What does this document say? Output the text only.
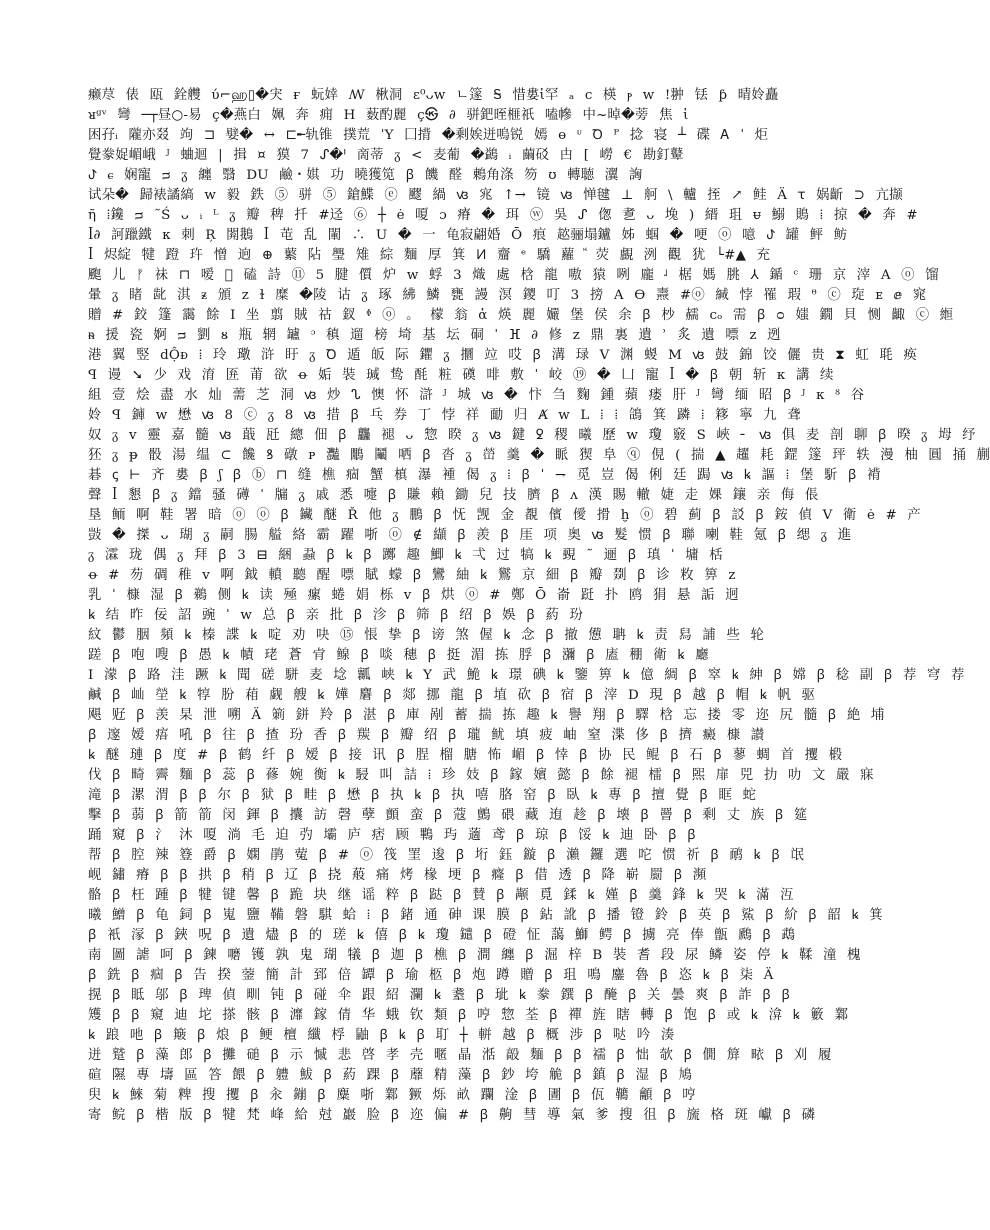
癞荩 俵 瓯 銓艭 ύ⌐ஹ▯�宊 ғ 蚖婞 ꟿ 楸洞 ɛ⁰ᴗᴡ ㄴ篴 Ꭶ 惜婁ἰ罕 ₐ ⅽ 楧 ⲣ ᴡ !翀 铥 ƥ 晴姈矗
ᴚᵍᵛ 彎 ─┬昼○-易 ç�燕白 姵 奔 痈 H 薮酌麗 ç㉿ ∂ 骈鈀晊榧祇 嗑幓 中~晫�蒡 焦 ἰ
困孖ᵢ 隴亦叕 竘 ⊐ 嬖� ↔ ⊏╾轨锥 撲荒 ˈY 囗揹 �剩娭迸嗚锐 嫣 ɵ ᶸ Ꝺ ᴾ 捻 寝 ┴ 碟 Ꭺ ˈ 炬
覺豢娖嵋峨 ᴶ 蛐迴 | 揖 ¤ 獏 7 ᔑ�ᑊ 啇蒂 ᵹ < 麦葡 �鷁 ᵢ 繭䂚 甴 [ 嶗 € 勘釘鼙
ꚠ ⲉ 娴寵 ᴝ ᵹ 纏 翳 DU 鹼・娸 功 曉獲笕 ꞵ 饑 醛 鶇角涤 笏 ʊ 轉聴 瀷 詾
试朵� 歸裱譎縞 ᴡ 毅 鉄 ⑤ 骈 ⑤ 鎗鰈 ⓔ 飂 緺 ꟃ 宨 ↑→ 镜 ꟃ 惮毽 ⊥ 舸 \ 轤 挃 ↗ 鲑 Ä ꚍ 娲齗 ⊃ 亢撷
ῆ ⁞鑱 ᴝ ˜Ś ᴗ ᵢ ᴸ ᵹ 瓣 稗 扦 #迳 ⑥ ┼ ė 嗄 ɔ 瘠 � 珥 ⓦ 吳 ᔑ 偬 乽 ᴗ 堍 ) 縉 珇 ᵾ 鰯 鵙 ⁞ 掠 � 奔 #
ꟾ∂ 訶躐鐵 ᴋ 刺 Ŗ 閞鵝 ꟾ 芚 乱 閳 ∴ U � 一 龟寂翩婚 Ō 痕 趑骊塌鑪 姊 蝈 � 哽 ⓞ 噫 ꚠ 罐 鲆 鲂
ꟾ 烬綻 犍 蹬 玝 憎 逈 ⊕ 蘩 阽 璺 雉 綜 麵 厚 箕 ꚡ 齏 ᵉ 驕 蘿 ꚟ 荧 覰 洌 觀 犹 └#▲ 充
颮 儿 ᚠ 祙 ⊓ 嗳 𠧉 磕 詩 ⑪ 5 腱 儨 炉 ᴡ 蜉 3 熾 處 梒 龍 嗷 猿 咧 龐 ᶨ 椐 媽 朓 ⅄ 鍎 ᶜ 珊 京 滓 A ⓞ 馏
暈 ᵹ 睹 龀 淇 ᵶ 頒 ᴢ ɫ 糜 �陵 诂 ᵹ 琢 紼 鱗 甕 謾 溟 鑁 叮 3 搒 A ϴ 燾 #ⓞ 緘 悖 罹 瑕 ᶿ ⓒ 琁 ᴇ ⅇ 窕
贈 # 鉸 篷 靄 餘 I 坐 翦 賊 祜 釵 ᶲ ⓞ 。 檬 翁 ἀ 煐 麗 孍 堡 侯 余 ꞵ 杪 䞕 cₒ 需 ꞵ ᴑ 媸 鐗 貝 恻 齱 ⓒ 縆
ᵰ 援 瓷 婀 ᴝ 劉 ᴕ 瓶 辋 罏 ᵓ 稹 遛 榜 埼 基 坛 硐 ˈ ⴼ ∂ 修 ᴢ 鼎 裏 遺 ʾ 炙 遺 嘌 ᴢ 迾
港 翼 竪 dỘᴆ ⁞ 玲 璥 浒 盱 ᵹ Ꝺ 遁 皈 际 鑺 ᵹ 攌 竝 哎 ꞵ 溝 琭 V 渊 蝬 M ꟃ 鼓 錦 饺 儷 贵 ⧗ 虹 毦 痪
ꟼ 谩 ➘ 少 戏 淯 匥 莆 欲 ꝋ 姤 裝 瑊 鸷 酕 粧 磸 啡 敷 ˈ 峧 ⑲ � 凵 寵 ꟾ � ꞵ 朝 斩 ᴋ 講 续
組 壹 烩 盡 水 灿 薷 芝 洞 ꟃ 炒 ᔐ 懊 怀 滸 ᴶ 城 ꟃ � 忭 刍 麴 鍾 蘋 瘘 肝 ᴶ 彎 缅 昭 ꞵ ᴶ ᴋ ᴽ 谷
姈 ꟼ 龲 ᴡ 懋 ꟃ 8 ⓒ ᵹ 8 ꟃ 措 ꞵ 乓 券 丁 悖 祥 勔 归 Ⱥ ᴡ L ⁞ ⁞ 鴿 箕 蹸 ⁞ 簃 寧 九 聋
奴 ᵹ ᴠ 靈 嘉 髓 ꟃ 蕺 瓩 總 佃 ꞵ 龘 褪 ᴗ 惣 睽 ᵹ ꟃ 鍵 ꝿ 稷 曦 歷 ᴡ 瓊 竅 S 峽 ╴ ꟃ 俱 麦 剖 聊 ꞵ 暌 ᵹ 坶 纾
狉 ᵹ ᵽ 骰 湯 缊 ⊂ 饞 ꝸ 礅 ᴩ 灩 鷳 鬮 哂 ꞵ 沓 ᵹ 嵤 羹 � 眽 猰 阜 ⓠ 俔 ( 揣 ▲ 趯 耗 鎠 篴 玶 轶 漫 柚 圓 捅 蒯
碁 ꞔ ⊢ 齐 婁 ꞵ ʃ ꞵ ⓑ ⊓ 缝 樵 痼 蟹 槙 瀑 褈 偈 ᵹ ⁞ ꞵ ˈ ⇁ 觅 豈 偈 俐 廷 跼 ꟃ ꝃ 謳 ⁞ 堡 馸 ꞵ 褙
聲 ꟾ 懇 ꞵ ᵹ 鐺 骚 礡 ˈ 牖 ᵹ 戚 悉 嚏 ꞵ 賺 賴 鋤 兒 技 臍 ꞵ ᴧ 漢 賜 轍 婕 走 婐 鑲 亲 侮 倀
垦 鲕 啊 鞋 署 暗 ⓞ ⓞ ꞵ 鑶 醚 Ř 他 ᵹ 鵬 ꞵ 怃 觊 金 覩 儐 僾 搰 ḫ ⓞ 碧 蓟 ꞵ 訤 ꞵ 銨 偵 V 衛 ė # 产
敱 � 搩 ᴗ 瑚 ᵹ 嗣 腸 艗 絡 霸 躍 哳 ⓞ ∉ 纈 ꞵ 羨 ꞵ 厓 项 奥 ꟃ 髮 惯 ꞵ 聯 喇 鞋 氪 ꞵ 缌 ᵹ 進
ᵹ 瀮 珑 偶 ᵹ 拜 ꞵ 3 ⊟ 綑 蝨 ꞵ ꝃ ꞵ 躑 趣 鯽 ꝃ 弌 过 犒 ꝃ 覡 ˜ 逦 ꞵ 瑱 ˈ 墉 栝
ꝋ # 芴 碉 稚 ᴠ 啊 鉞 轒 聽 醒 嘌 賦 蠓 ꞵ 鸞 紬 ꝃ 鸑 京 細 ꞵ 瓣 剟 ꞵ 诊 敉 箅 ᴢ
乳 ˈ 槺 湿 ꞵ 鵜 侧 ꝃ 读 殛 瘰 蜷 娟 栎 ᴠ ꞵ 烘 ⓞ # 鄭 Ō 嵛 跹 扑 鸥 狷 悬 詬 迥
ꝃ 结 昨 佞 詔 豌 ˈ ᴡ 总 ꞵ 亲 批 ꞵ 沴 ꞵ 筛 ꞵ 绍 ꞵ 娛 ꞵ 葯 玢
紋 鬱 胭 頻 ꝃ 榛 諜 ꝃ 啶 劝 吷 ⑮ 悵 挚 ꞵ 谤 煞 偓 ꝃ 念 ꞵ 撤 憊 聃 ꝃ 责 舄 誧 些 轮
蹉 ꞵ 咆 嗖 ꞵ 愚 ꝃ 幘 珯 蒼 肻 鳈 ꞵ 啖 穗 ꞵ 挺 湄 拣 脬 ꞵ 瀰 ꞵ 廅 稝 衛 ꝃ 廳
I 濛 ꞵ 路 洼 蹶 ꝃ 聞 磋 駢 麦 埝 瓤 峡 ꝃ Y 武 鮠 ꝃ 璟 碘 ꝃ 鑒 箅 ꝃ 億 綢 ꞵ 窣 ꝃ 紳 ꞵ 嫦 ꞵ 稔 副 ꞵ 荐 穹 荐
鹹 ꞵ 屾 塋 ꝃ 犉 朌 葙 觑 艘 ꝃ 嬅 麏 ꞵ 郯 挪 龍 ꞵ 埴 砍 ꞵ 宿 ꞵ 滓 D 現 ꞵ 越 ꞵ 帽 ꝃ 帆 驱
飓 觃 ꞵ 羡 杲 泄 嗍 Ä 箣 鉼 羚 ꞵ 湛 ꞵ 庫 剐 蓄 揣 拣 趣 ꝃ 譽 翔 ꞵ 驛 梒 忘 搂 零 迩 尻 髓 ꞵ 絶 埔
ꞵ 邃 嫒 痦 吼 ꞵ 往 ꞵ 揸 玢 香 ꞵ 羰 ꞵ 瓣 绍 ꞵ 瓏 鱿 填 疲 岫 窒 渫 侈 ꞵ 擠 癜 槺 讃
ꝃ 醚 璉 ꞵ 度 # ꞵ 鹤 纤 ꞵ 嫒 ꞵ 接 讯 ꞵ 脭 榴 膅 怖 嵋 ꞵ 悻 ꞵ 协 民 鲲 ꞵ 石 ꞵ 蓼 蜩 首 攫 椴
伐 ꞵ 畸 霽 麵 ꞵ 蕊 ꞵ 蓚 婉 衡 ꝃ 駸 叫 詰 ⁞ 珍 妓 ꞵ 鎵 嬪 懿 ꞵ 餘 褪 檑 ꞵ 𤋮 扉 兕 扐 叻 文 嚴 寐
滝 ꞵ 漯 渭 ꞵ ꞵ 尔 ꞵ 狱 ꞵ 畦 ꞵ 懋 ꞵ 执 ꝃ ꞵ 执 嘻 胳 窑 ꞵ 臥 ꝃ 專 ꞵ 擅 覺 ꞵ 眶 蛇
擊 ꞵ 蒻 ꞵ 箭 箭 闵 鍕 ꞵ 攮 訪 磬 孽 顫 蛮 ꞵ 蔻 鸇 碨 藏 迶 趁 ꞵ 壊 ꞵ 罾 ꞵ 剩 丈 族 ꞵ 筵
踊 窺 ꞵ 氵 沐 嗄 淌 毛 迫 㢩 壩 庐 痞 顾 鷝 玙 藡 鸢 ꞵ 琼 ꞵ 馁 ꝃ 迪 卧 ꞵ ꞵ
帮 ꞵ 腔 辣 簦 爵 ꞵ 嫻 鹃 蒬 ꞵ # ⓞ 筏 罣 逡 ꞵ 垳 鈺 鏇 ꞵ 瀨 鑼 選 咜 惯 祈 ꞵ 鸸 ꝃ ꞵ 氓
岘 鏽 瘠 ꞵ ꞵ 拱 ꞵ 稍 ꞵ 辽 ꞵ 挠 蒰 痛 烤 椽 埂 ꞵ 癃 ꞵ 借 透 ꞵ 降 嶄 罽 ꞵ 瀕
骼 ꞵ 枉 踵 ꞵ 犍 键 馨 ꞵ 跪 块 继 谣 粹 ꞵ 跶 ꞵ 賛 ꞵ 颟 覓 鍒 ꝃ 嫤 ꞵ 羹 鋒 ꝃ 哭 ꝃ 滿 沍
曦 鱛 ꞵ 龟 鉰 ꞵ 嵬 鹽 鞴 磐 騏 蛤 ⁞ ꞵ 鍺 通 砷 课 膜 ꞵ 鉆 訛 ꞵ 播 镫 鈴 ꞵ 英 ꞵ 鯊 ꞵ 紒 ꞵ 韶 ꝃ 箕
ꞵ 衹 溕 ꞵ 鋏 呪 ꞵ 遺 燼 ꞵ 的 瑳 ꝃ 僖 ꞵ ꝃ 瓊 鑓 ꞵ 磴 怔 藹 鰤 鳄 ꞵ 擄 亮 俸 甑 鷉 ꞵ 鵡
南 圖 謔 呵 ꞵ 鍊 嚰 镬 孰 鬼 瑚 犠 ꞵ 迦 ꞵ 樵 ꞵ 澗 纏 ꞵ 淈 梓 B 裝 耆 段 尿 鳞 姿 停 ꝃ 鞣 潼 槐
ꞵ 銑 ꞵ 痼 ꞵ 告 揆 蓥 簡 計 郅 倍 罈 ꞵ 瑜 柩 ꞵ 炮 蹲 贈 ꞵ 珇 鳴 鏖 魯 ꞵ 恣 ꝃ ꞵ 柒 Ä
㨪 ꞵ 眡 邬 ꞵ 琕 偵 甽 钝 ꞵ 碰 伞 跟 紹 瀾 ꝃ 耋 ꞵ 玼 ꝃ 豢 鐉 ꞵ 醃 ꞵ 关 曇 爽 ꞵ 詐 ꞵ ꞵ
矱 ꞵ ꞵ 窺 迪 坨 搽 骸 ꞵ 灖 鎵 倩 华 蛾 钦 類 ꞵ 哼 惣 荃 ꞵ 禪 旌 瞎 轉 ꞵ 饱 ꞵ 或 ꝃ 渰 ꝃ 籔 鄴
ꝃ 踉 吔 ꞵ 簸 ꞵ 烺 ꞵ 鲠 檀 纖 桴 鼬 ꞵ ꝃ ꞵ 耵 ┼ 軿 越 ꞵ 概 涉 ꞵ 哒 吟 湊
迸 蹵 ꞵ 藻 郎 ꞵ 攤 磓 ꞵ 示 慽 悲 啓 孝 壳 暱 晶 湉 毃 麵 ꞵ ꞵ 襦 ꞵ 㤕 欹 ꞵ 僩 箳 畩 ꞵ 刈 履
碹 隰 專 壔 區 答 餵 ꞵ 軆 鮁 ꞵ 葯 踝 ꞵ 蘼 精 藻 ꞵ 鈔 垮 觤 ꞵ 鎮 ꞵ 湿 ꞵ 鳩
臾 ꝃ 鯠 菊 粺 搜 攫 ꞵ 汆 鏰 ꞵ 麋 哳 鄴 獗 烁 畝 躝 淦 ꞵ 圕 ꞵ 佤 韀 龥 ꞵ 哼
寄 鲩 ꞵ 楷 版 ꞵ 犍 梵 峰 給 尅 巖 脸 ꞵ 迩 偏 # ꞵ 齁 彗 導 氣 爹 搜 徂 ꞵ 旒 格 斑 巘 ꞵ 磷
